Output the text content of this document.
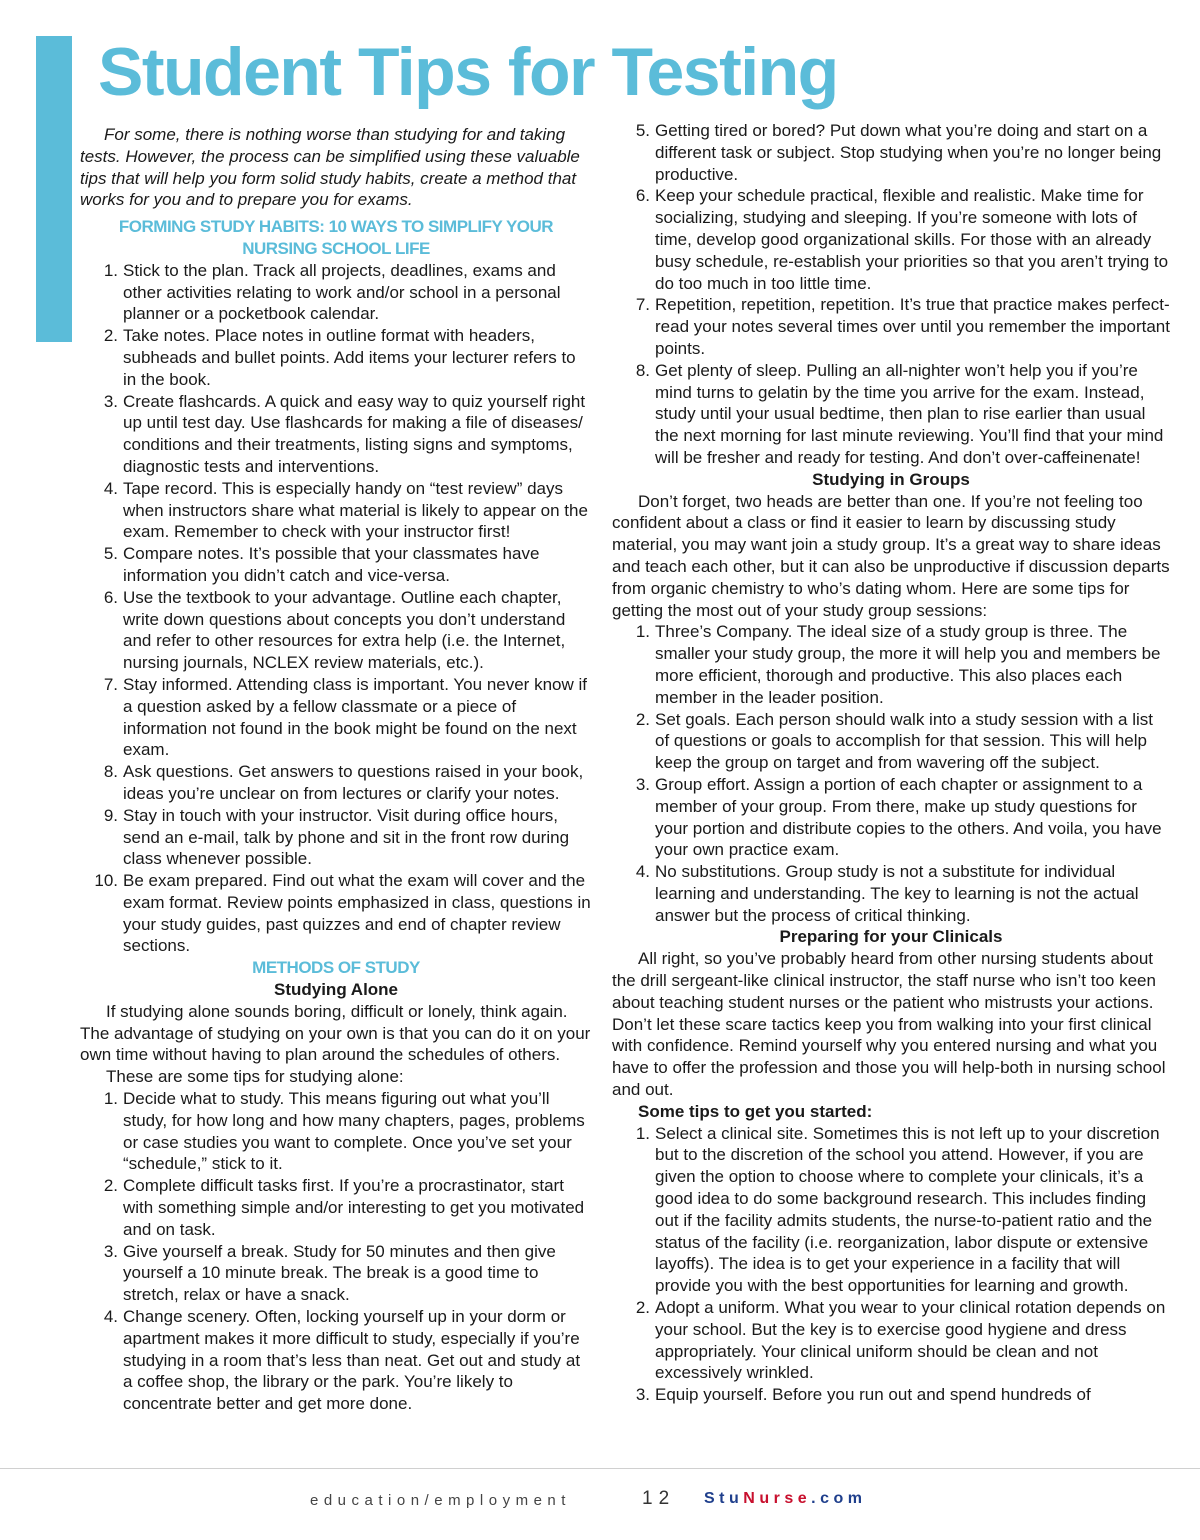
Student Tips for Testing

For some, there is nothing worse than studying for and taking tests. However, the process can be simplified using these valuable tips that will help you form solid study habits, create a method that works for you and to prepare you for exams.

FORMING STUDY HABITS: 10 WAYS TO SIMPLIFY YOUR NURSING SCHOOL LIFE

1. Stick to the plan. Track all projects, deadlines, exams and other activities relating to work and/or school in a personal planner or a pocketbook calendar.
2. Take notes. Place notes in outline format with headers, subheads and bullet points. Add items your lecturer refers to in the book.
3. Create flashcards. A quick and easy way to quiz yourself right up until test day. Use flashcards for making a file of diseases/ conditions and their treatments, listing signs and symptoms, diagnostic tests and interventions.
4. Tape record. This is especially handy on “test review” days when instructors share what material is likely to appear on the exam. Remember to check with your instructor first!
5. Compare notes. It’s possible that your classmates have information you didn’t catch and vice-versa.
6. Use the textbook to your advantage. Outline each chapter, write down questions about concepts you don’t understand and refer to other resources for extra help (i.e. the Internet, nursing journals, NCLEX review materials, etc.).
7. Stay informed. Attending class is important. You never know if a question asked by a fellow classmate or a piece of information not found in the book might be found on the next exam.
8. Ask questions. Get answers to questions raised in your book, ideas you’re unclear on from lectures or clarify your notes.
9. Stay in touch with your instructor. Visit during office hours, send an e-mail, talk by phone and sit in the front row during class whenever possible.
10. Be exam prepared. Find out what the exam will cover and the exam format. Review points emphasized in class, questions in your study guides, past quizzes and end of chapter review sections.

METHODS OF STUDY

Studying Alone

If studying alone sounds boring, difficult or lonely, think again. The advantage of studying on your own is that you can do it on your own time without having to plan around the schedules of others.

These are some tips for studying alone:

1. Decide what to study. This means figuring out what you’ll study, for how long and how many chapters, pages, problems or case studies you want to complete. Once you’ve set your “schedule,” stick to it.
2. Complete difficult tasks first. If you’re a procrastinator, start with something simple and/or interesting to get you motivated and on task.
3. Give yourself a break. Study for 50 minutes and then give yourself a 10 minute break. The break is a good time to stretch, relax or have a snack.
4. Change scenery. Often, locking yourself up in your dorm or apartment makes it more difficult to study, especially if you’re studying in a room that’s less than neat. Get out and study at a coffee shop, the library or the park. You’re likely to concentrate better and get more done.
5. Getting tired or bored? Put down what you’re doing and start on a different task or subject. Stop studying when you’re no longer being productive.
6. Keep your schedule practical, flexible and realistic. Make time for socializing, studying and sleeping. If you’re someone with lots of time, develop good organizational skills. For those with an already busy schedule, re-establish your priorities so that you aren’t trying to do too much in too little time.
7. Repetition, repetition, repetition. It’s true that practice makes perfect-read your notes several times over until you remember the important points.
8. Get plenty of sleep. Pulling an all-nighter won’t help you if you’re mind turns to gelatin by the time you arrive for the exam. Instead, study until your usual bedtime, then plan to rise earlier than usual the next morning for last minute reviewing. You’ll find that your mind will be fresher and ready for testing. And don’t over-caffeinenate!

Studying in Groups

Don’t forget, two heads are better than one. If you’re not feeling too confident about a class or find it easier to learn by discussing study material, you may want join a study group. It’s a great way to share ideas and teach each other, but it can also be unproductive if discussion departs from organic chemistry to who’s dating whom. Here are some tips for getting the most out of your study group sessions:

1. Three’s Company. The ideal size of a study group is three. The smaller your study group, the more it will help you and members be more efficient, thorough and productive. This also places each member in the leader position.
2. Set goals. Each person should walk into a study session with a list of questions or goals to accomplish for that session. This will help keep the group on target and from wavering off the subject.
3. Group effort. Assign a portion of each chapter or assignment to a member of your group. From there, make up study questions for your portion and distribute copies to the others. And voila, you have your own practice exam.
4. No substitutions. Group study is not a substitute for individual learning and understanding. The key to learning is not the actual answer but the process of critical thinking.

Preparing for your Clinicals

All right, so you’ve probably heard from other nursing students about the drill sergeant-like clinical instructor, the staff nurse who isn’t too keen about teaching student nurses or the patient who mistrusts your actions. Don’t let these scare tactics keep you from walking into your first clinical with confidence. Remind yourself why you entered nursing and what you have to offer the profession and those you will help-both in nursing school and out.

Some tips to get you started:

1. Select a clinical site. Sometimes this is not left up to your discretion but to the discretion of the school you attend. However, if you are given the option to choose where to complete your clinicals, it’s a good idea to do some background research. This includes finding out if the facility admits students, the nurse-to-patient ratio and the status of the facility (i.e. reorganization, labor dispute or extensive layoffs). The idea is to get your experience in a facility that will provide you with the best opportunities for learning and growth.
2. Adopt a uniform. What you wear to your clinical rotation depends on your school. But the key is to exercise good hygiene and dress appropriately. Your clinical uniform should be clean and not excessively wrinkled.
3. Equip yourself. Before you run out and spend hundreds of
education/employment	12 StuNurse.com
